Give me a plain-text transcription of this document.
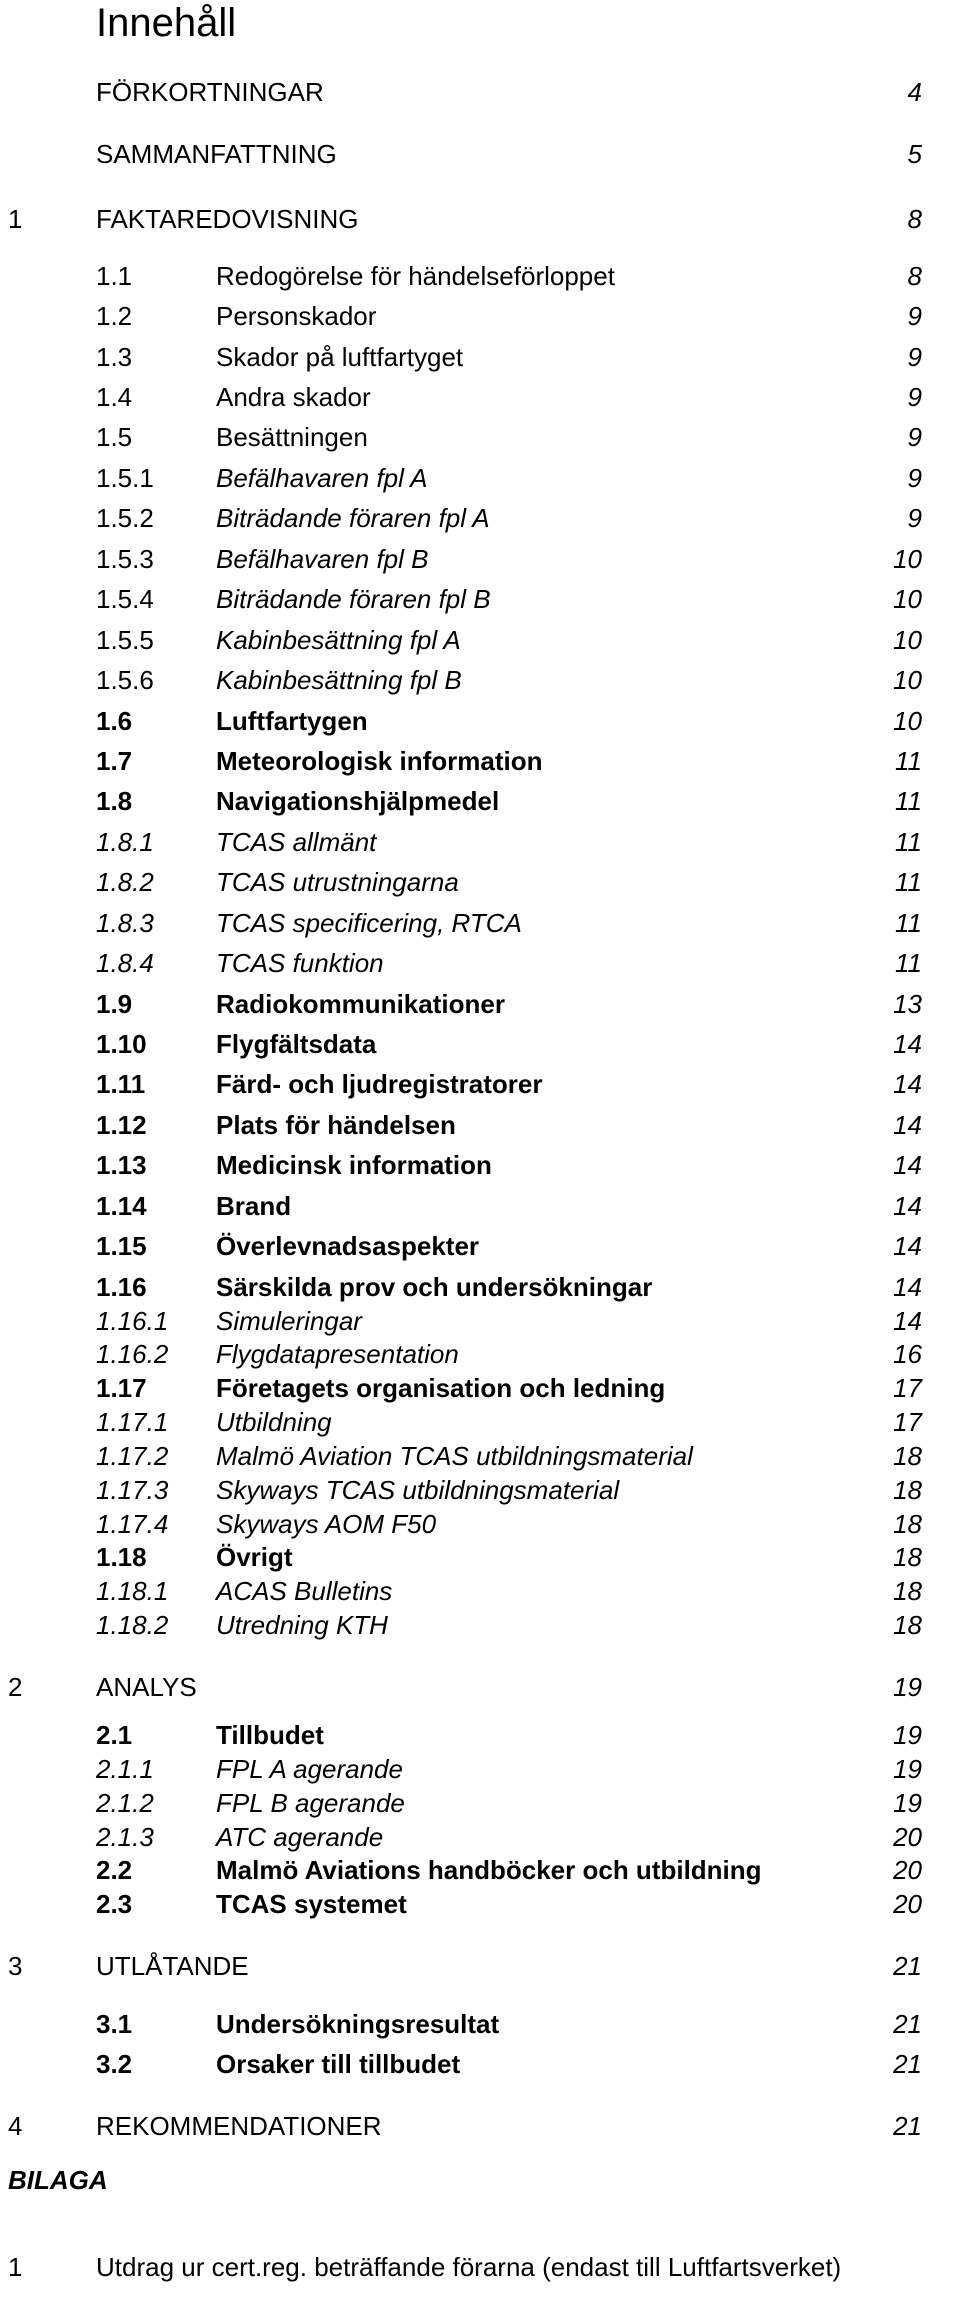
Innehåll
FÖRKORTNINGAR	4
SAMMANFATTNING	5
1	FAKTAREDOVISNING	8
1.1	Redogörelse för händelseförloppet	8
1.2	Personskador	9
1.3	Skador på luftfartyget	9
1.4	Andra skador	9
1.5	Besättningen	9
1.5.1 Befälhavaren fpl A	9
1.5.2 Biträdande föraren fpl A	9
1.5.3 Befälhavaren fpl B	10
1.5.4 Biträdande föraren fpl B	10
1.5.5 Kabinbesättning fpl A	10
1.5.6 Kabinbesättning fpl B	10
1.6	Luftfartygen	10
1.7	Meteorologisk information	11
1.8	Navigationshjälpmedel	11
1.8.1 TCAS allmänt	11
1.8.2 TCAS utrustningarna	11
1.8.3 TCAS specificering, RTCA	11
1.8.4 TCAS funktion	11
1.9	Radiokommunikationer	13
1.10	Flygfältsdata	14
1.11	Färd- och ljudregistratorer	14
1.12	Plats för händelsen	14
1.13	Medicinsk information	14
1.14	Brand	14
1.15	Överlevnadsaspekter	14
1.16	Särskilda prov och undersökningar	14
1.16.1 Simuleringar	14
1.16.2 Flygdatapresentation	16
1.17	Företagets organisation och ledning	17
1.17.1 Utbildning	17
1.17.2 Malmö Aviation TCAS utbildningsmaterial	18
1.17.3 Skyways TCAS utbildningsmaterial	18
1.17.4 Skyways AOM F50	18
1.18	Övrigt	18
1.18.1 ACAS Bulletins	18
1.18.2 Utredning KTH	18
2	ANALYS	19
2.1	Tillbudet	19
2.1.1 FPL A agerande	19
2.1.2 FPL B agerande	19
2.1.3 ATC agerande	20
2.2	Malmö Aviations handböcker och utbildning	20
2.3	TCAS systemet	20
3	UTLÅTANDE	21
3.1	Undersökningsresultat	21
3.2	Orsaker till tillbudet	21
4	REKOMMENDATIONER	21
BILAGA
1	Utdrag ur cert.reg. beträffande förarna (endast till Luftfartsverket)
